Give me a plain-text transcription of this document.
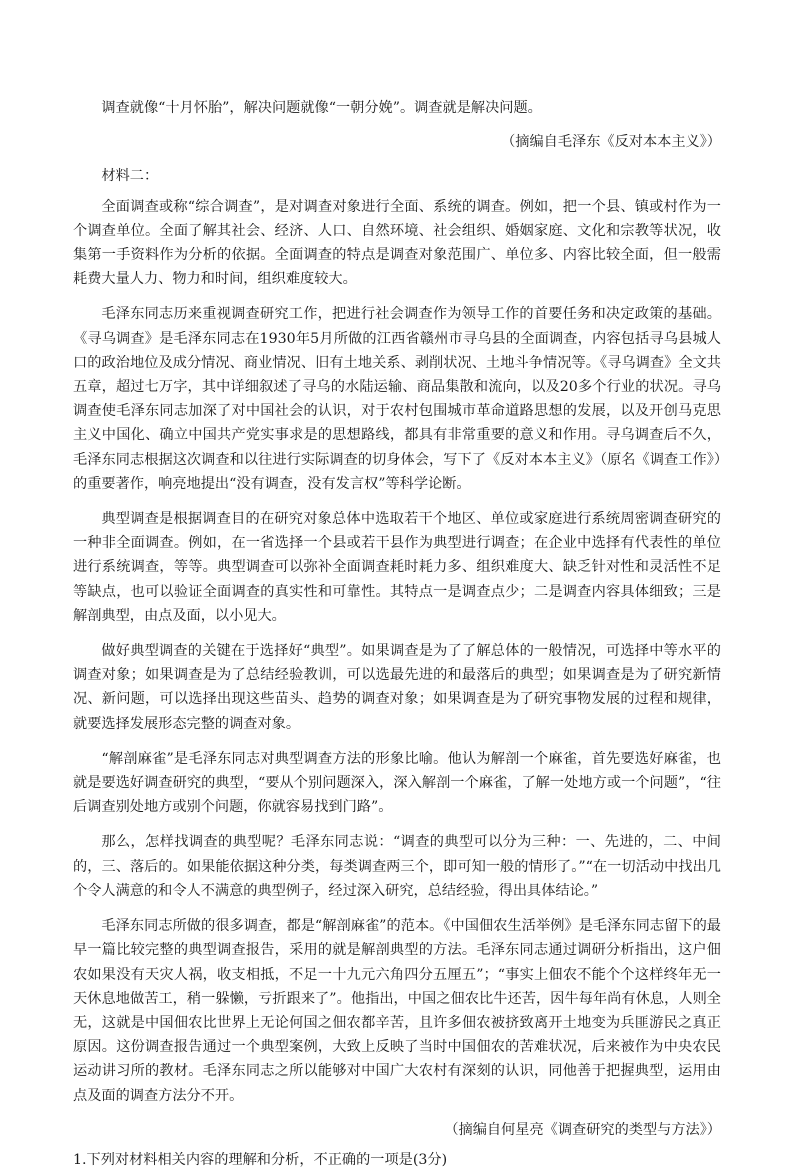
调查就像“十月怀胎”，解决问题就像“一朝分娩”。调查就是解决问题。

（摘编自毛泽东《反对本本主义》）

材料二：

全面调查或称“综合调查”，是对调查对象进行全面、系统的调查。例如，把一个县、镇或村作为一个调查单位。全面了解其社会、经济、人口、自然环境、社会组织、婚姻家庭、文化和宗教等状况，收集第一手资料作为分析的依据。全面调查的特点是调查对象范围广、单位多、内容比较全面，但一般需耗费大量人力、物力和时间，组织难度较大。

毛泽东同志历来重视调查研究工作，把进行社会调查作为领导工作的首要任务和决定政策的基础。《寻乌调查》是毛泽东同志在1930年5月所做的江西省赣州市寻乌县的全面调查，内容包括寻乌县城人口的政治地位及成分情况、商业情况、旧有土地关系、剥削状况、土地斗争情况等。《寻乌调查》全文共五章，超过七万字，其中详细叙述了寻乌的水陆运输、商品集散和流向，以及20多个行业的状况。寻乌调查使毛泽东同志加深了对中国社会的认识，对于农村包围城市革命道路思想的发展，以及开创马克思主义中国化、确立中国共产党实事求是的思想路线，都具有非常重要的意义和作用。寻乌调查后不久，毛泽东同志根据这次调查和以往进行实际调查的切身体会，写下了《反对本本主义》（原名《调查工作》）的重要著作，响亮地提出“没有调查，没有发言权”等科学论断。

典型调查是根据调查目的在研究对象总体中选取若干个地区、单位或家庭进行系统周密调查研究的一种非全面调查。例如，在一省选择一个县或若干县作为典型进行调查；在企业中选择有代表性的单位进行系统调查，等等。典型调查可以弥补全面调查耗时耗力多、组织难度大、缺乏针对性和灵活性不足等缺点，也可以验证全面调查的真实性和可靠性。其特点一是调查点少；二是调查内容具体细致；三是解剖典型，由点及面，以小见大。

做好典型调查的关键在于选择好“典型”。如果调查是为了了解总体的一般情况，可选择中等水平的调查对象；如果调查是为了总结经验教训，可以选最先进的和最落后的典型；如果调查是为了研究新情况、新问题，可以选择出现这些苗头、趋势的调查对象；如果调查是为了研究事物发展的过程和规律，就要选择发展形态完整的调查对象。

“解剖麻雀”是毛泽东同志对典型调查方法的形象比喻。他认为解剖一个麻雀，首先要选好麻雀，也就是要选好调查研究的典型，“要从个别问题深入，深入解剖一个麻雀，了解一处地方或一个问题”，“往后调查别处地方或别个问题，你就容易找到门路”。

那么，怎样找调查的典型呢？毛泽东同志说：“调查的典型可以分为三种：一、先进的，二、中间的，三、落后的。如果能依据这种分类，每类调查两三个，即可知一般的情形了。”“在一切活动中找出几个令人满意的和令人不满意的典型例子，经过深入研究，总结经验，得出具体结论。”

毛泽东同志所做的很多调查，都是“解剖麻雀”的范本。《中国佃农生活举例》是毛泽东同志留下的最早一篇比较完整的典型调查报告，采用的就是解剖典型的方法。毛泽东同志通过调研分析指出，这户佃农如果没有天灾人祸，收支相抵，不足一十九元六角四分五厘五”；“事实上佃农不能个个这样终年无一天休息地做苦工，稍一躲懒，亏折跟来了”。他指出，中国之佃农比牛还苦，因牛每年尚有休息，人则全无，这就是中国佃农比世界上无论何国之佃农都辛苦，且许多佃农被挤致离开土地变为兵匪游民之真正原因。这份调查报告通过一个典型案例，大致上反映了当时中国佃农的苦难状况，后来被作为中央农民运动讲习所的教材。毛泽东同志之所以能够对中国广大农村有深刻的认识，同他善于把握典型，运用由点及面的调查方法分不开。

（摘编自何星亮《调查研究的类型与方法》）

1.下列对材料相关内容的理解和分析，不正确的一项是(3分)
